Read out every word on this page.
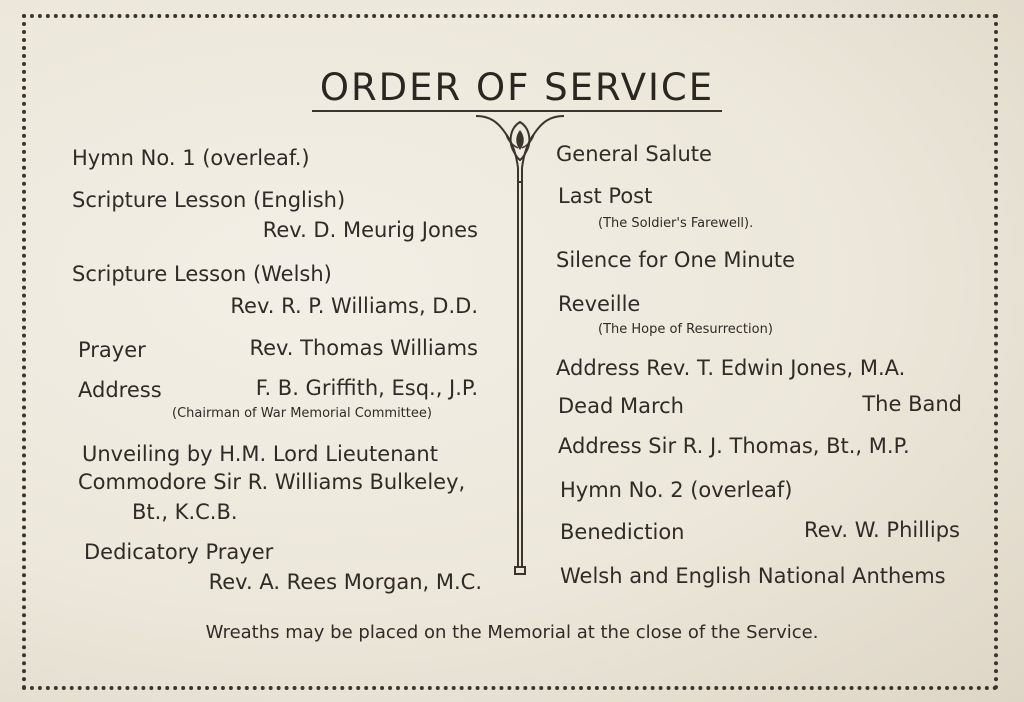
ORDER OF SERVICE
Hymn No. 1 (overleaf.)
Scripture Lesson (English)
Rev. D. Meurig Jones
Scripture Lesson (Welsh)
Rev. R. P. Williams, D.D.
Prayer	Rev. Thomas Williams
Address	F. B. Griffith, Esq., J.P.
(Chairman of War Memorial Committee)
Unveiling by H.M. Lord Lieutenant
Commodore Sir R. Williams Bulkeley,
Bt., K.C.B.
Dedicatory Prayer
Rev. A. Rees Morgan, M.C.
General Salute
Last Post
(The Soldier's Farewell).
Silence for One Minute
Reveille
(The Hope of Resurrection)
Address Rev. T. Edwin Jones, M.A.
Dead March	The Band
Address Sir R. J. Thomas, Bt., M.P.
Hymn No. 2 (overleaf)
Benediction	Rev. W. Phillips
Welsh and English National Anthems
Wreaths may be placed on the Memorial at the close of the Service.
